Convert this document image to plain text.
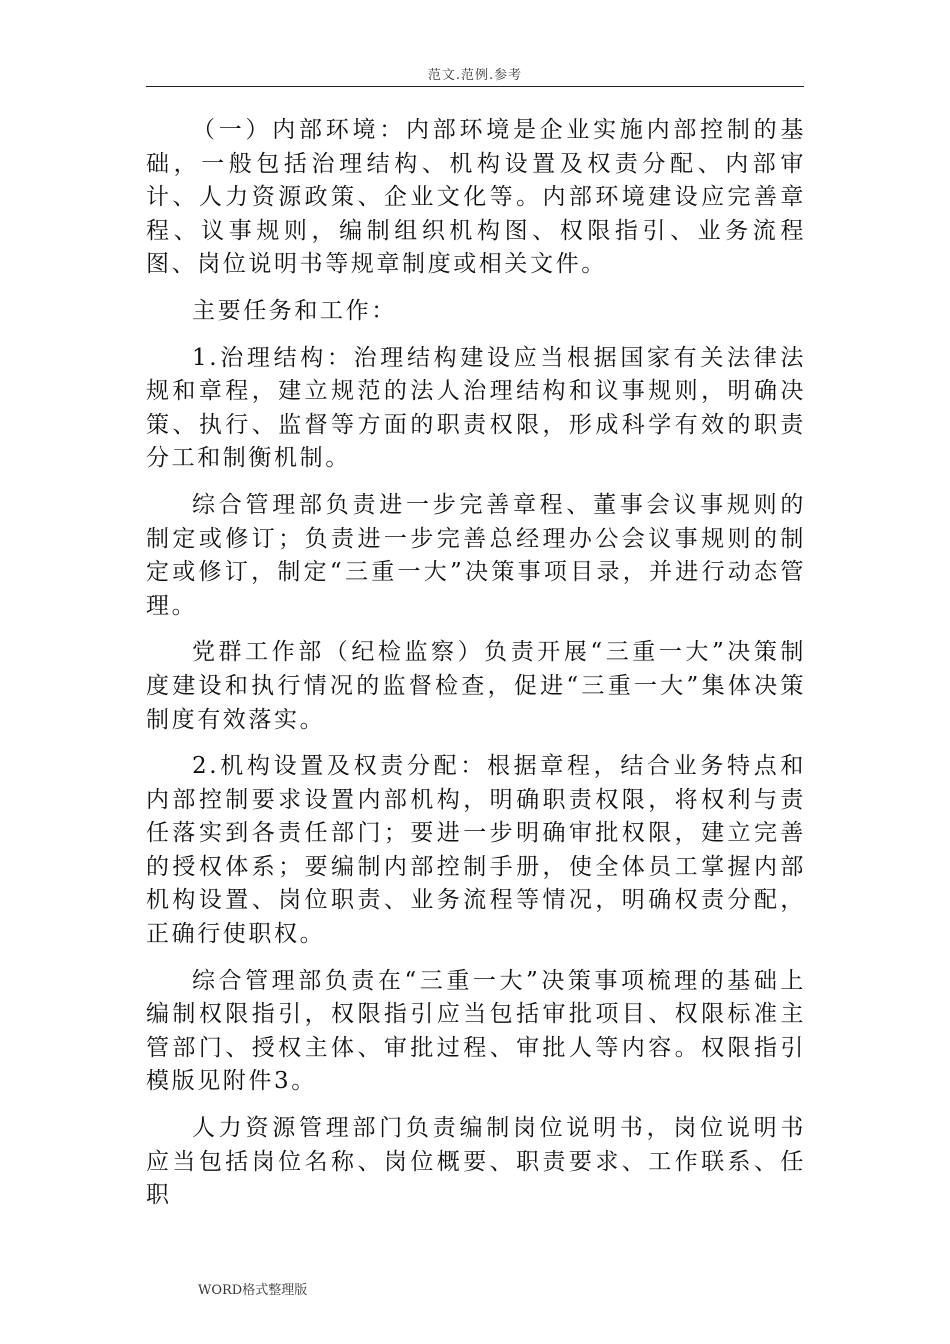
范文.范例.参考

（一）内部环境：内部环境是企业实施内部控制的基础，一般包括治理结构、机构设置及权责分配、内部审计、人力资源政策、企业文化等。内部环境建设应完善章程、议事规则，编制组织机构图、权限指引、业务流程图、岗位说明书等规章制度或相关文件。

主要任务和工作：

1.治理结构：治理结构建设应当根据国家有关法律法规和章程，建立规范的法人治理结构和议事规则，明确决策、执行、监督等方面的职责权限，形成科学有效的职责分工和制衡机制。

综合管理部负责进一步完善章程、董事会议事规则的制定或修订；负责进一步完善总经理办公会议事规则的制定或修订，制定“三重一大”决策事项目录，并进行动态管理。

党群工作部（纪检监察）负责开展“三重一大”决策制度建设和执行情况的监督检查，促进“三重一大”集体决策制度有效落实。

2.机构设置及权责分配：根据章程，结合业务特点和内部控制要求设置内部机构，明确职责权限，将权利与责任落实到各责任部门；要进一步明确审批权限，建立完善的授权体系；要编制内部控制手册，使全体员工掌握内部机构设置、岗位职责、业务流程等情况，明确权责分配，正确行使职权。

综合管理部负责在“三重一大”决策事项梳理的基础上编制权限指引，权限指引应当包括审批项目、权限标准主管部门、授权主体、审批过程、审批人等内容。权限指引模版见附件3。

人力资源管理部门负责编制岗位说明书，岗位说明书应当包括岗位名称、岗位概要、职责要求、工作联系、任职

WORD格式整理版
